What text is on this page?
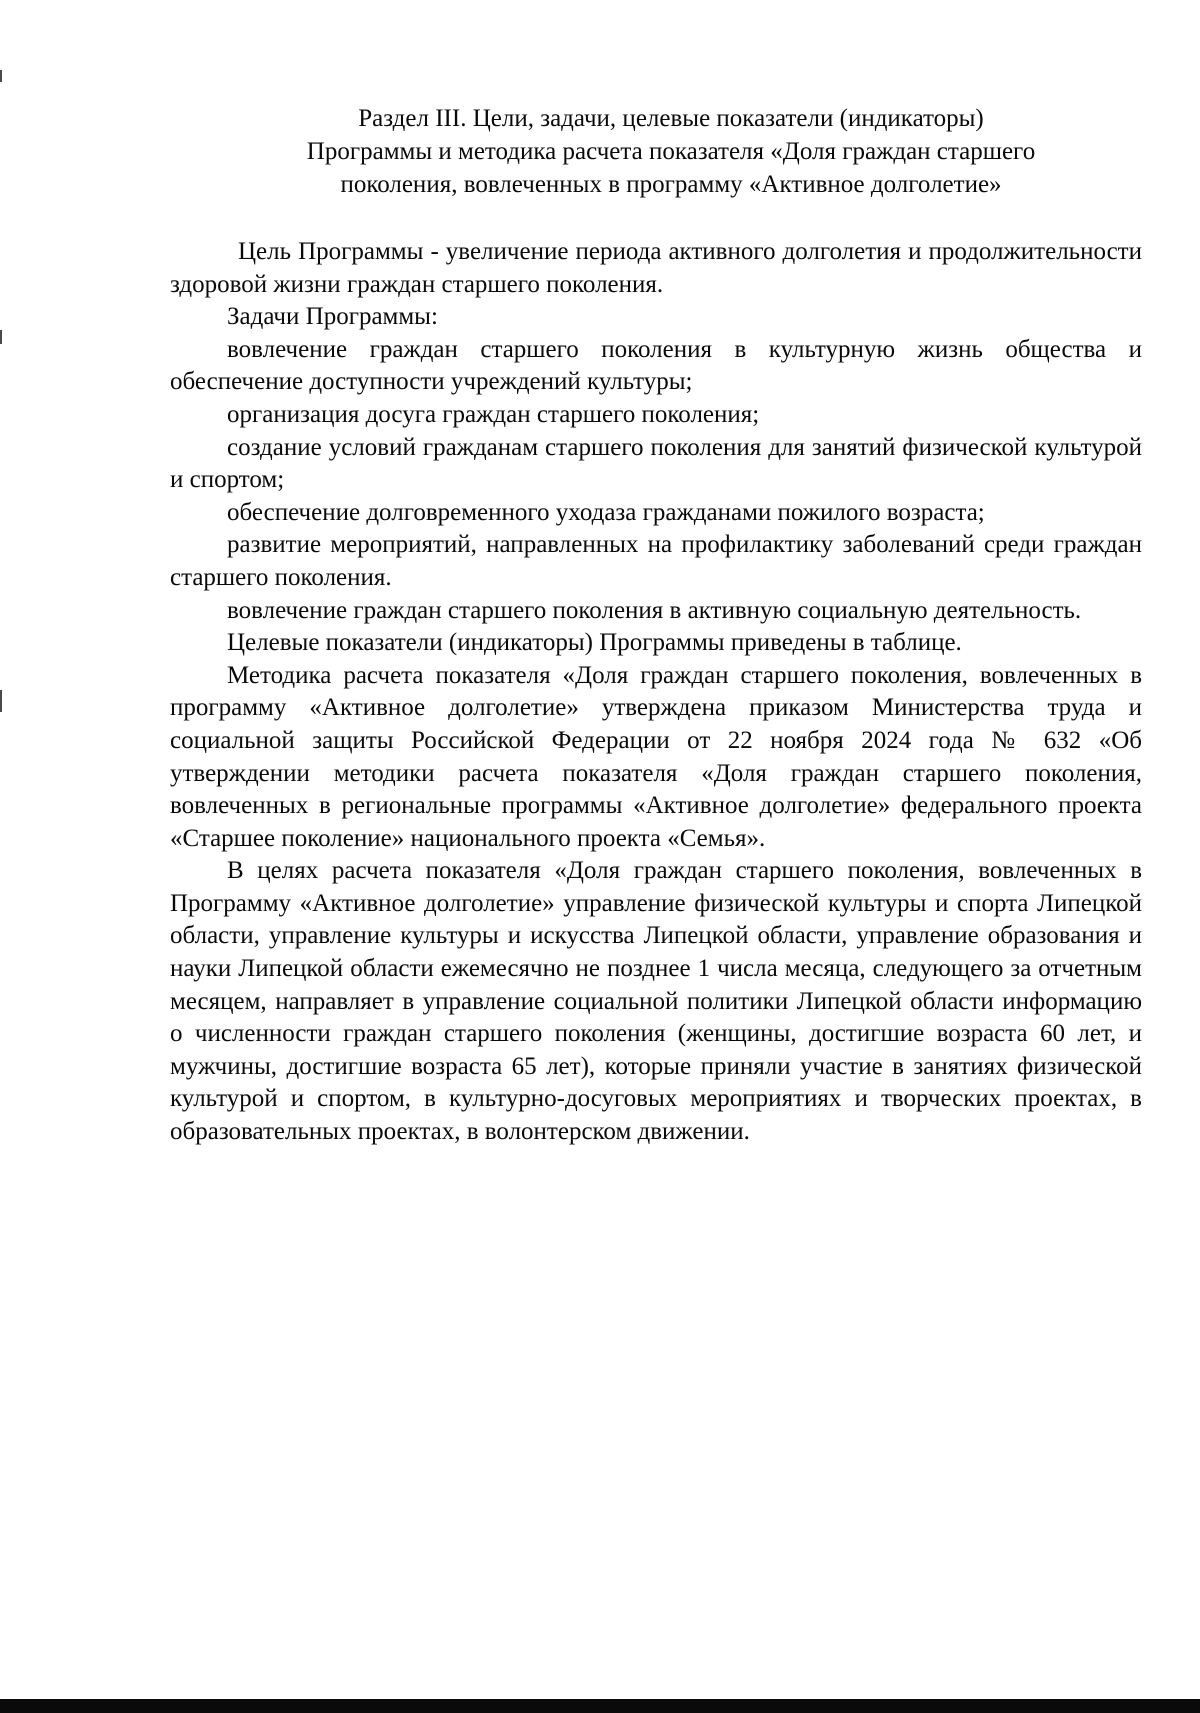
Раздел III. Цели, задачи, целевые показатели (индикаторы)
Программы и методика расчета показателя «Доля граждан старшего
поколения, вовлеченных в программу «Активное долголетие»

Цель Программы - увеличение периода активного долголетия и продолжительности здоровой жизни граждан старшего поколения.

Задачи Программы:

вовлечение граждан старшего поколения в культурную жизнь общества и обеспечение доступности учреждений культуры;

организация досуга граждан старшего поколения;

создание условий гражданам старшего поколения для занятий физической культурой и спортом;

обеспечение долговременного уходаза гражданами пожилого возраста;

развитие мероприятий, направленных на профилактику заболеваний среди граждан старшего поколения.

вовлечение граждан старшего поколения в активную социальную деятельность.

Целевые показатели (индикаторы) Программы приведены в таблице.

Методика расчета показателя «Доля граждан старшего поколения, вовлеченных в программу «Активное долголетие» утверждена приказом Министерства труда и социальной защиты Российской Федерации от 22 ноября 2024 года № 632 «Об утверждении методики расчета показателя «Доля граждан старшего поколения, вовлеченных в региональные программы «Активное долголетие» федерального проекта «Старшее поколение» национального проекта «Семья».

В целях расчета показателя «Доля граждан старшего поколения, вовлеченных в Программу «Активное долголетие» управление физической культуры и спорта Липецкой области, управление культуры и искусства Липецкой области, управление образования и науки Липецкой области ежемесячно не позднее 1 числа месяца, следующего за отчетным месяцем, направляет в управление социальной политики Липецкой области информацию о численности граждан старшего поколения (женщины, достигшие возраста 60 лет, и мужчины, достигшие возраста 65 лет), которые приняли участие в занятиях физической культурой и спортом, в культурно-досуговых мероприятиях и творческих проектах, в образовательных проектах, в волонтерском движении.
